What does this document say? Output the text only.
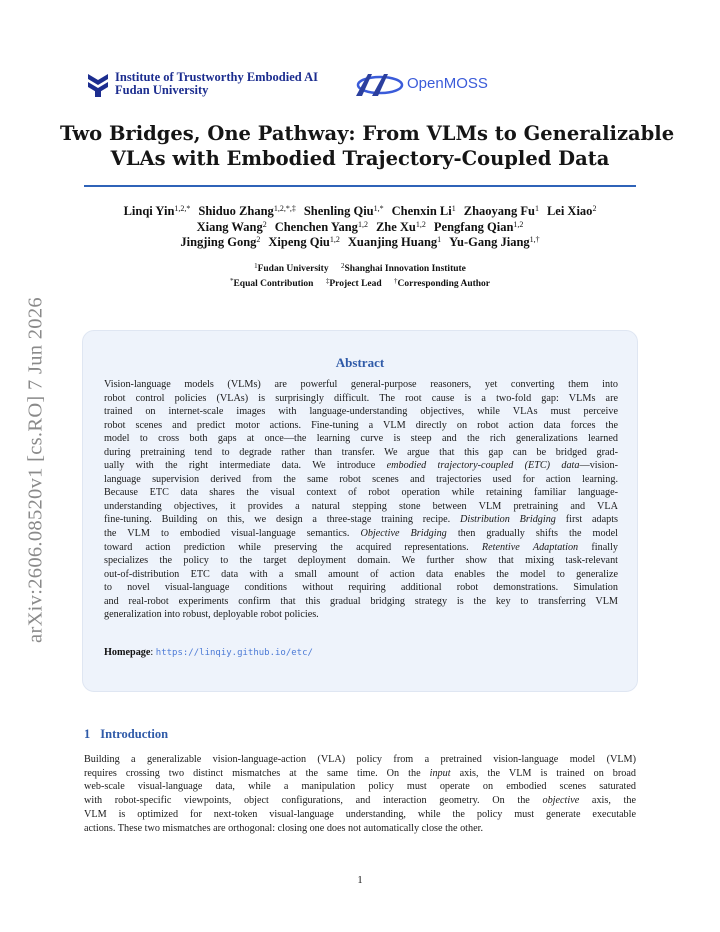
arXiv:2606.08520v1 [cs.RO] 7 Jun 2026
Institute of Trustworthy Embodied AI
Fudan University	OpenMOSS
Two Bridges, One Pathway: From VLMs to Generalizable
VLAs with Embodied Trajectory-Coupled Data
Linqi Yin$^{1,2,*}$ Shiduo Zhang$^{1,2,*,\ddagger}$ Shenling Qiu$^{1,*}$ Chenxin Li$^1$ Zhaoyang Fu$^1$ Lei Xiao$^2$
Xiang Wang$^2$ Chenchen Yang$^{1,2}$ Zhe Xu$^{1,2}$ Pengfang Qian$^{1,2}$
Jingjing Gong$^2$ Xipeng Qiu$^{1,2}$ Xuanjing Huang$^1$ Yu-Gang Jiang$^{1,\dagger}$
$^1$Fudan University $^2$Shanghai Innovation Institute
*Equal Contribution ‡Project Lead †Corresponding Author
Abstract
Vision-language models (VLMs) are powerful general-purpose reasoners, yet converting them into
robot control policies (VLAs) is surprisingly difficult. The root cause is a two-fold gap: VLMs are
trained on internet-scale images with language-understanding objectives, while VLAs must perceive
robot scenes and predict motor actions. Fine-tuning a VLM directly on robot action data forces the
model to cross both gaps at once—the learning curve is steep and the rich generalizations learned
during pretraining tend to degrade rather than transfer. We argue that this gap can be bridged grad-
ually with the right intermediate data. We introduce embodied trajectory-coupled (ETC) data—vision-
language supervision derived from the same robot scenes and trajectories used for action learning.
Because ETC data shares the visual context of robot operation while retaining familiar language-
understanding objectives, it provides a natural stepping stone between VLM pretraining and VLA
fine-tuning. Building on this, we design a three-stage training recipe. Distribution Bridging first adapts
the VLM to embodied visual-language semantics. Objective Bridging then gradually shifts the model
toward action prediction while preserving the acquired representations. Retentive Adaptation finally
specializes the policy to the target deployment domain. We further show that mixing task-relevant
out-of-distribution ETC data with a small amount of action data enables the model to generalize
to novel visual-language conditions without requiring additional robot demonstrations. Simulation
and real-robot experiments confirm that this gradual bridging strategy is the key to transferring VLM
generalization into robust, deployable robot policies.
Homepage: https://linqiy.github.io/etc/
1 Introduction
Building a generalizable vision-language-action (VLA) policy from a pretrained vision-language model (VLM)
requires crossing two distinct mismatches at the same time. On the input axis, the VLM is trained on broad
web-scale visual-language data, while a manipulation policy must operate on embodied scenes saturated
with robot-specific viewpoints, object configurations, and interaction geometry. On the objective axis, the
VLM is optimized for next-token visual-language understanding, while the policy must generate executable
actions. These two mismatches are orthogonal: closing one does not automatically close the other.
1
